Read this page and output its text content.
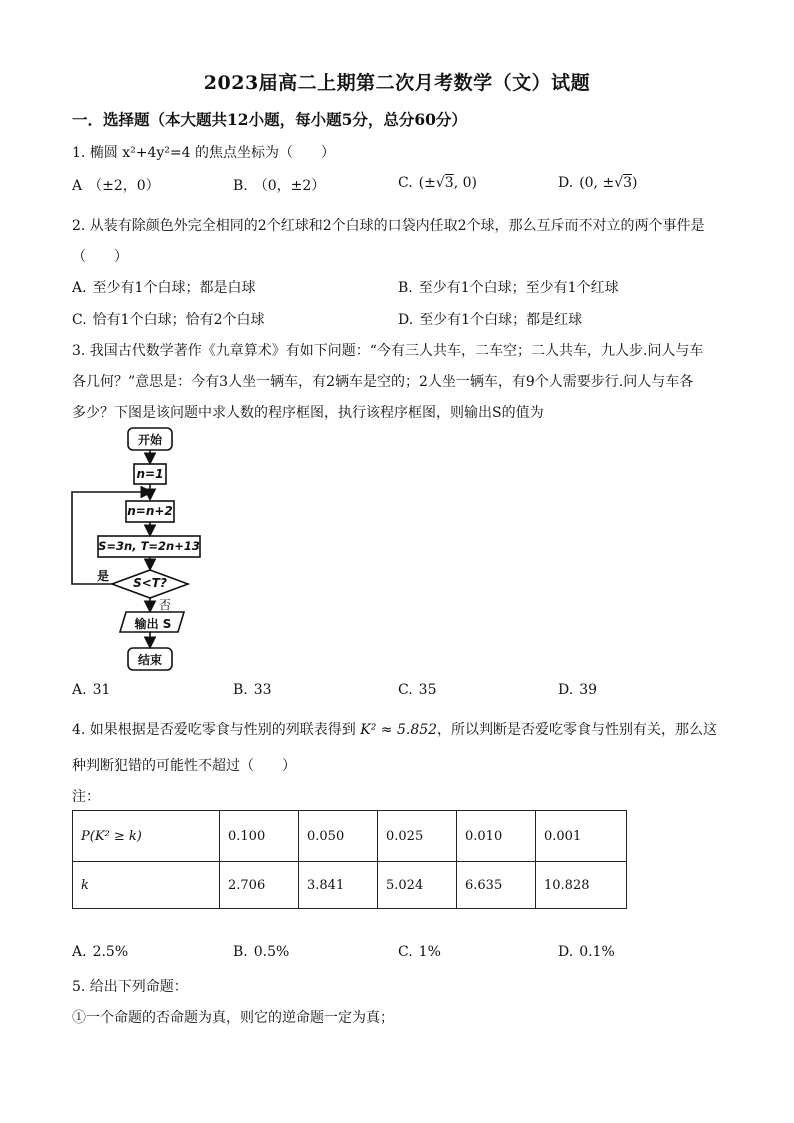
2023届高二上期第二次月考数学（文）试题
一．选择题（本大题共12小题，每小题5分，总分60分）
1. 椭圆 x²+4y²=4 的焦点坐标为（　　）
A （±2，0）	B. （0，±2）	C. (±√3, 0)	D. (0, ±√3)
2. 从装有除颜色外完全相同的2个红球和2个白球的口袋内任取2个球，那么互斥而不对立的两个事件是
（　　）
A. 至少有1个白球；都是白球	B. 至少有1个白球；至少有1个红球
C. 恰有1个白球；恰有2个白球	D. 至少有1个白球；都是红球
3. 我国古代数学著作《九章算术》有如下问题：“今有三人共车，二车空；二人共车，九人步.问人与车
各几何？”意思是：今有3人坐一辆车，有2辆车是空的；2人坐一辆车，有9个人需要步行.问人与车各
多少？下图是该问题中求人数的程序框图，执行该程序框图，则输出S的值为
开始
n=1
n=n+2
S=3n, T=2n+13
S<T?
是
否
输出 S
结束
A. 31	B. 33	C. 35	D. 39
4. 如果根据是否爱吃零食与性别的列联表得到 K² ≈ 5.852，所以判断是否爱吃零食与性别有关，那么这
种判断犯错的可能性不超过（　　）
注：
P(K² ≥ k)	0.100	0.050	0.025	0.010	0.001
k	2.706	3.841	5.024	6.635	10.828
A. 2.5%	B. 0.5%	C. 1%	D. 0.1%
5. 给出下列命题：
①一个命题的否命题为真，则它的逆命题一定为真；
